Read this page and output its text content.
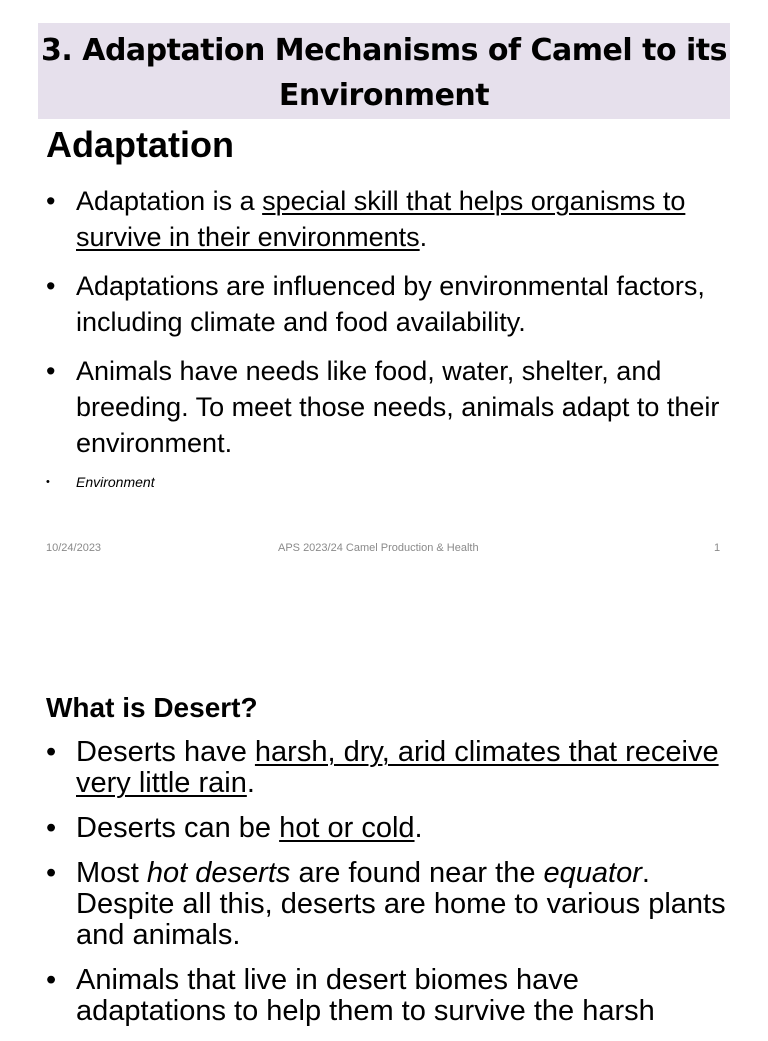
3. Adaptation Mechanisms of Camel to its Environment
Adaptation
• Adaptation is a special skill that helps organisms to survive in their environments.
• Adaptations are influenced by environmental factors, including climate and food availability.
• Animals have needs like food, water, shelter, and breeding. To meet those needs, animals adapt to their environment.
• Environment
10/24/2023	APS 2023/24 Camel Production & Health	1
What is Desert?
• Deserts have harsh, dry, arid climates that receive very little rain.
• Deserts can be hot or cold.
• Most hot deserts are found near the equator. Despite all this, deserts are home to various plants and animals.
• Animals that live in desert biomes have adaptations to help them to survive the harsh
